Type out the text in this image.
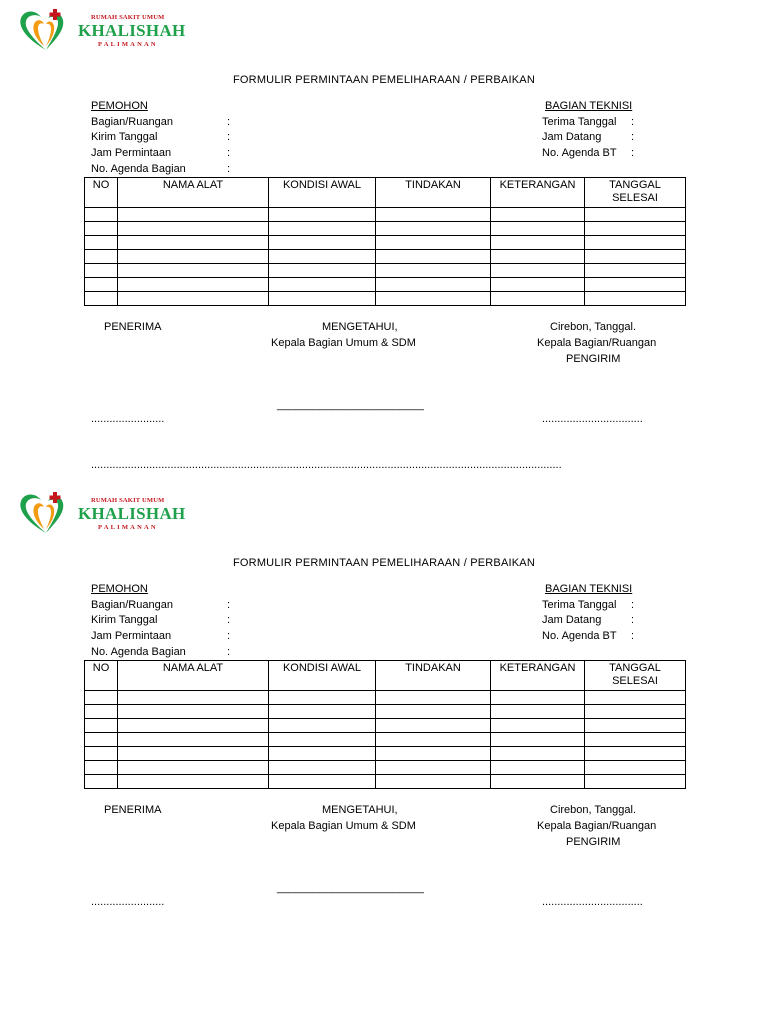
RUMAH SAKIT UMUM
KHALISHAH
PALIMANAN
FORMULIR PERMINTAAN PEMELIHARAAN / PERBAIKAN
PEMOHON
Bagian/Ruangan	:
Kirim Tanggal	:
Jam Permintaan	:
No. Agenda Bagian	:
BAGIAN TEKNISI
Terima Tanggal :
Jam Datang	:
No. Agenda BT :
NO	NAMA ALAT	KONDISI AWAL	TINDAKAN	KETERANGAN	TANGGAL SELESAI

PENERIMA	MENGETAHUI,
Kepala Bagian Umum & SDM
Cirebon, Tanggal.
Kepala Bagian/Ruangan
PENGIRIM
________________________
........................	.................................
..........................................................................................................................................................
RUMAH SAKIT UMUM
KHALISHAH
PALIMANAN
FORMULIR PERMINTAAN PEMELIHARAAN / PERBAIKAN
PEMOHON
Bagian/Ruangan	:
Kirim Tanggal	:
Jam Permintaan	:
No. Agenda Bagian	:
BAGIAN TEKNISI
Terima Tanggal :
Jam Datang	:
No. Agenda BT :
NO	NAMA ALAT	KONDISI AWAL	TINDAKAN	KETERANGAN	TANGGAL SELESAI

PENERIMA	MENGETAHUI,
Kepala Bagian Umum & SDM
Cirebon, Tanggal.
Kepala Bagian/Ruangan
PENGIRIM
________________________
........................	.................................
